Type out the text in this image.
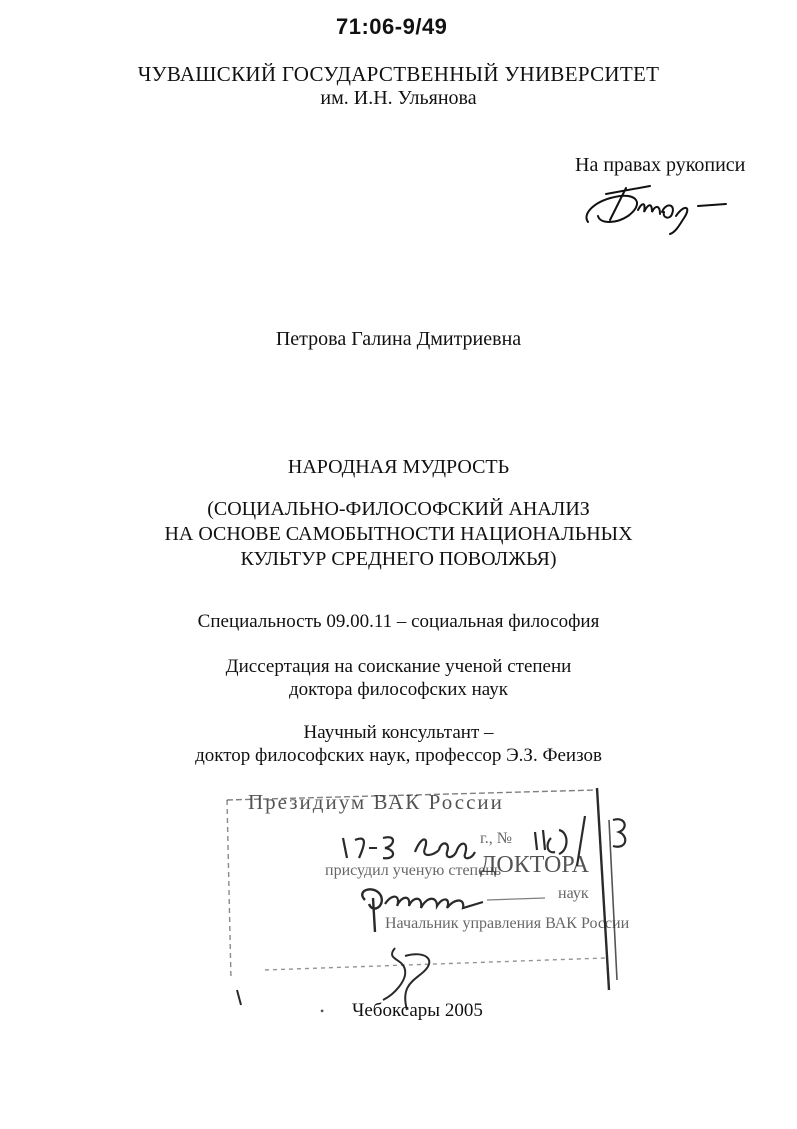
71:06-9/49
ЧУВАШСКИЙ ГОСУДАРСТВЕННЫЙ УНИВЕРСИТЕТ
им. И.Н. Ульянова
На правах рукописи
Петрова Галина Дмитриевна
НАРОДНАЯ МУДРОСТЬ
(СОЦИАЛЬНО-ФИЛОСОФСКИЙ АНАЛИЗ
НА ОСНОВЕ САМОБЫТНОСТИ НАЦИОНАЛЬНЫХ
КУЛЬТУР СРЕДНЕГО ПОВОЛЖЬЯ)
Специальность 09.00.11 – социальная философия
Диссертация на соискание ученой степени
доктора философских наук
Научный консультант –
доктор философских наук, профессор Э.З. Феизов
Президиум ВАК России
присудил ученую степень
ДОКТОРА
наук
Начальник управления ВАК России
г., №
• Чебоксары 2005
